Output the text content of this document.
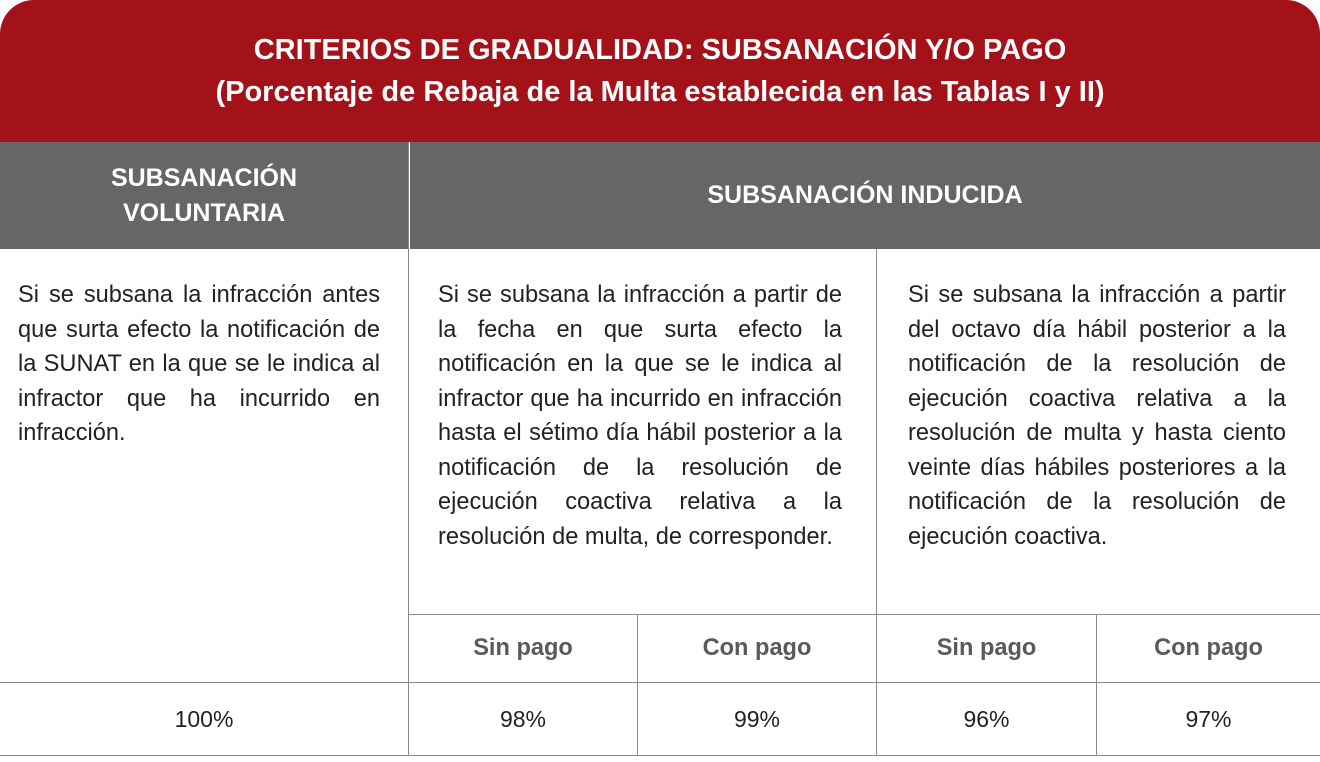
CRITERIOS DE GRADUALIDAD: SUBSANACIÓN Y/O PAGO
(Porcentaje de Rebaja de la Multa establecida en las Tablas I y II)
SUBSANACIÓN
VOLUNTARIA
SUBSANACIÓN INDUCIDA
Si se subsana la infracción antes que surta efecto la notificación de la SUNAT en la que se le indica al infractor que ha incurrido en infracción.
Si se subsana la infracción a partir de la fecha en que surta efecto la notificación en la que se le indica al infractor que ha incurrido en infracción hasta el sétimo día hábil posterior a la notificación de la resolución de ejecución coactiva relativa a la resolución de multa, de corresponder.
Si se subsana la infracción a partir del octavo día hábil posterior a la notificación de la resolución de ejecución coactiva relativa a la resolución de multa y hasta ciento veinte días hábiles posteriores a la notificación de la resolución de ejecución coactiva.
Sin pago	Con pago	Sin pago	Con pago
100%	98%	99%	96%	97%
